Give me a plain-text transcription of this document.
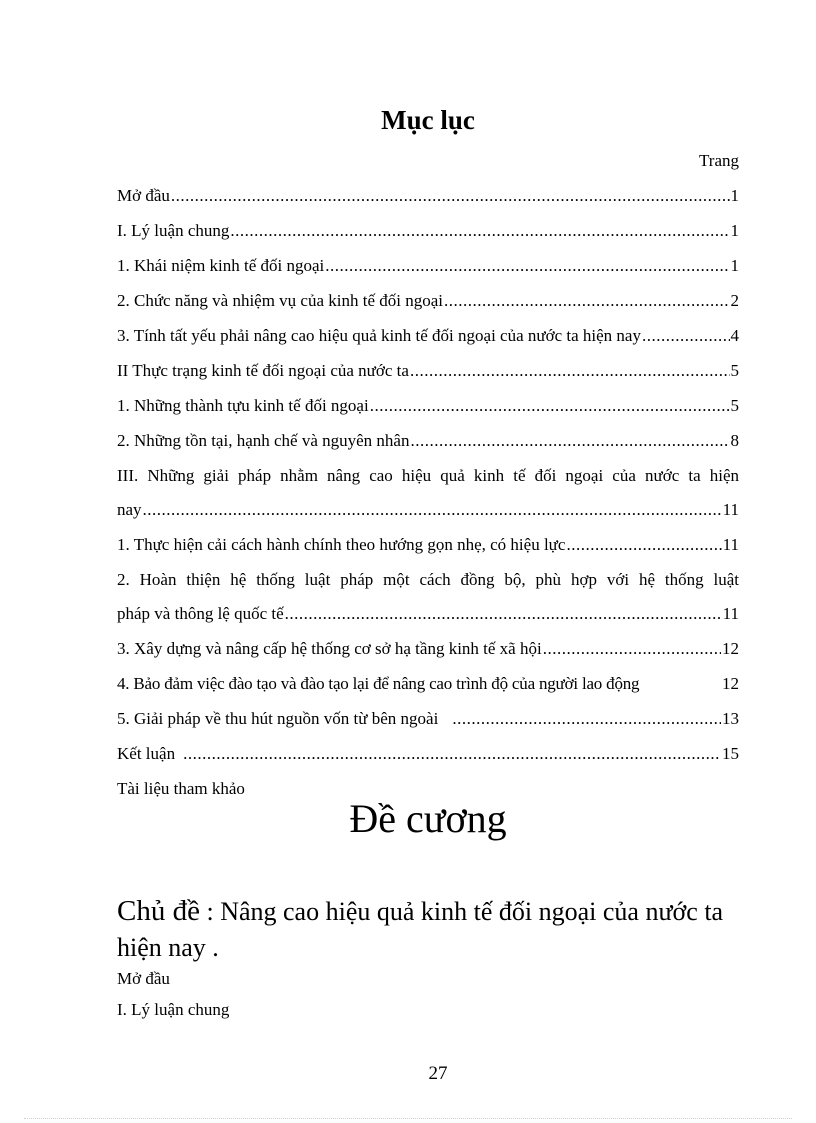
Mục lục
Trang
Mở đầu .....	1
I. Lý luận chung .....	1
1. Khái niệm kinh tế đối ngoại .....	1
2. Chức năng và nhiệm vụ của kinh tế đối ngoại .....	2
3. Tính tất yếu phải nâng cao hiệu quả kinh tế đối ngoại của nước ta hiện nay .....	4
II Thực trạng kinh tế đối ngoại của nước ta .....	5
1. Những thành tựu kinh tế đối ngoại .....	5
2. Những tồn tại, hạnh chế và nguyên nhân .....	8
III. Những giải pháp nhằm nâng cao hiệu quả kinh tế đối ngoại của nước ta hiện
nay .....	11
1. Thực hiện cải cách hành chính theo hướng gọn nhẹ, có hiệu lực .....	11
2. Hoàn thiện hệ thống luật pháp một cách đồng bộ, phù hợp với hệ thống luật
pháp và thông lệ quốc tế .....	11
3. Xây dựng và nâng cấp hệ thống cơ sở hạ tầng kinh tế xã hội .....	12
4. Bảo đảm việc đào tạo và đào tạo lại để nâng cao trình độ của người lao động	12
5. Giải pháp về thu hút nguồn vốn từ bên ngoài .....	13
Kết luận .....	15
Tài liệu tham khảo
Đề cương
Chủ đề : Nâng cao hiệu quả kinh tế đối ngoại của nước ta hiện nay .
Mở đầu
I. Lý luận chung
27
